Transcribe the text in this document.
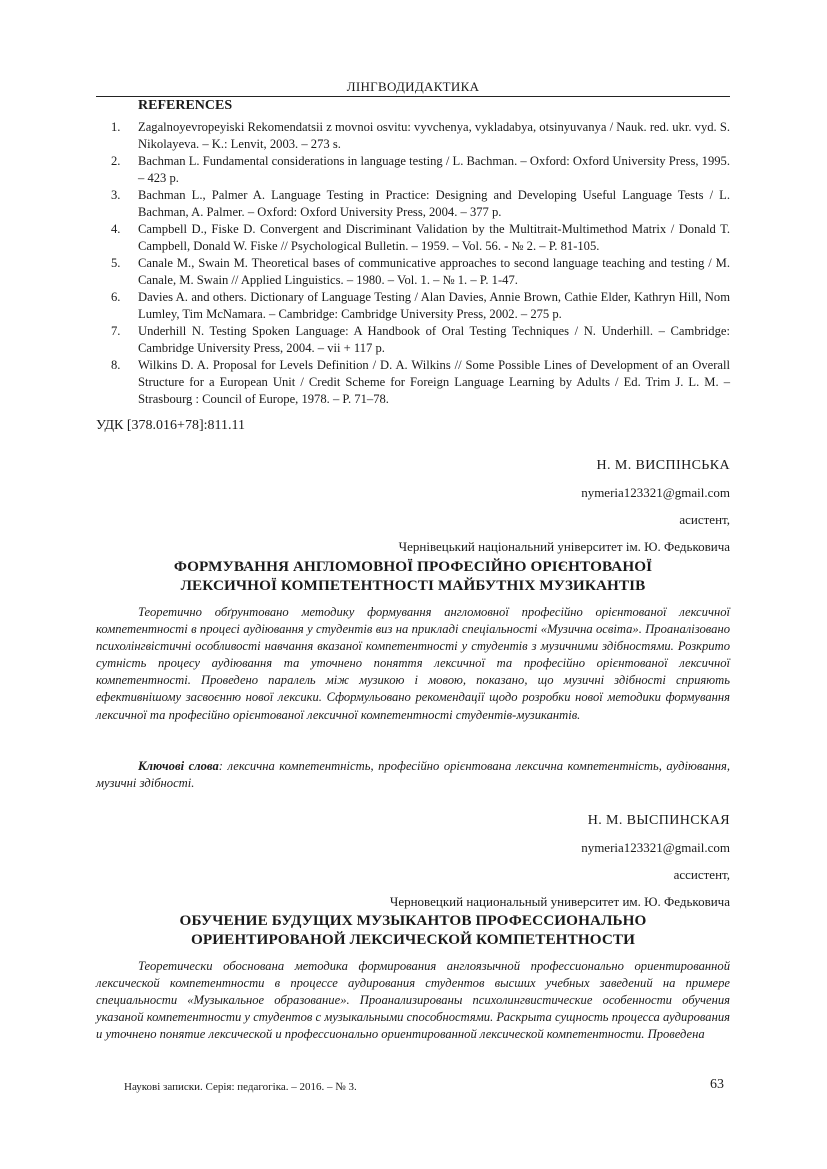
ЛІНГВОДИДАКТИКА
REFERENCES
1. Zagalnoyevropeyiski Rekomendatsii z movnoi osvitu: vyvchenya, vykladabya, otsinyuvanya / Nauk. red. ukr. vyd. S. Nikolayeva. – K.: Lenvit, 2003. – 273 s.
2. Bachman L. Fundamental considerations in language testing / L. Bachman. – Oxford: Oxford University Press, 1995. – 423 p.
3. Bachman L., Palmer A. Language Testing in Practice: Designing and Developing Useful Language Tests / L. Bachman, A. Palmer. – Oxford: Oxford University Press, 2004. – 377 p.
4. Campbell D., Fiske D. Convergent and Discriminant Validation by the Multitrait-Multimethod Matrix / Donald T. Campbell, Donald W. Fiske // Psychological Bulletin. – 1959. – Vol. 56. - № 2. – P. 81-105.
5. Canale M., Swain M. Theoretical bases of communicative approaches to second language teaching and testing / M. Canale, M. Swain // Applied Linguistics. – 1980. – Vol. 1. – № 1. – P. 1-47.
6. Davies A. and others. Dictionary of Language Testing / Alan Davies, Annie Brown, Cathie Elder, Kathryn Hill, Nom Lumley, Tim McNamara. – Cambridge: Cambridge University Press, 2002. – 275 p.
7. Underhill N. Testing Spoken Language: A Handbook of Oral Testing Techniques / N. Underhill. – Cambridge: Cambridge University Press, 2004. – vii + 117 p.
8. Wilkins D. A. Proposal for Levels Definition / D. A. Wilkins // Some Possible Lines of Development of an Overall Structure for a European Unit / Credit Scheme for Foreign Language Learning by Adults / Ed. Trim J. L. M. – Strasbourg : Council of Europe, 1978. – P. 71–78.
УДК [378.016+78]:811.11
Н. М. ВИСПІНСЬКА
nymeria123321@gmail.com
асистент,
Чернівецький національний університет ім. Ю. Федьковича
ФОРМУВАННЯ АНГЛОМОВНОЇ ПРОФЕСІЙНО ОРІЄНТОВАНОЇ
ЛЕКСИЧНОЇ КОМПЕТЕНТНОСТІ МАЙБУТНІХ МУЗИКАНТІВ

Теоретично обґрунтовано методику формування англомовної професійно орієнтованої лексичної компетентності в процесі аудіювання у студентів виз на прикладі спеціальності «Музична освіта». Проаналізовано психолінгвістичні особливості навчання вказаної компетентності у студентів з музичними здібностями. Розкрито сутність процесу аудіювання та уточнено поняття лексичної та професійно орієнтованої лексичної компетентності. Проведено паралель між музикою і мовою, показано, що музичні здібності сприяють ефективнішому засвоєнню нової лексики. Сформульовано рекомендації щодо розробки нової методики формування лексичної та професійно орієнтованої лексичної компетентності студентів-музикантів.

Ключові слова: лексична компетентність, професійно орієнтована лексична компетентність, аудіювання, музичні здібності.

Н. М. ВЫСПИНСКАЯ
nymeria123321@gmail.com
ассистент,
Черновецкий национальный университет им. Ю. Федьковича
ОБУЧЕНИЕ БУДУЩИХ МУЗЫКАНТОВ ПРОФЕССИОНАЛЬНО
ОРИЕНТИРОВАНОЙ ЛЕКСИЧЕСКОЙ КОМПЕТЕНТНОСТИ

Теоретически обоснована методика формирования англоязычной профессионально ориентированной лексической компетентности в процессе аудирования студентов высших учебных заведений на примере специальности «Музыкальное образование». Проанализированы психолингвистические особенности обучения указаной компетентности у студентов с музыкальными способностями. Раскрыта сущность процесса аудирования и уточнено понятие лексической и профессионально ориентированной лексической компетентности. Проведена

Наукові записки. Серія: педагогіка. – 2016. – № 3.	63
